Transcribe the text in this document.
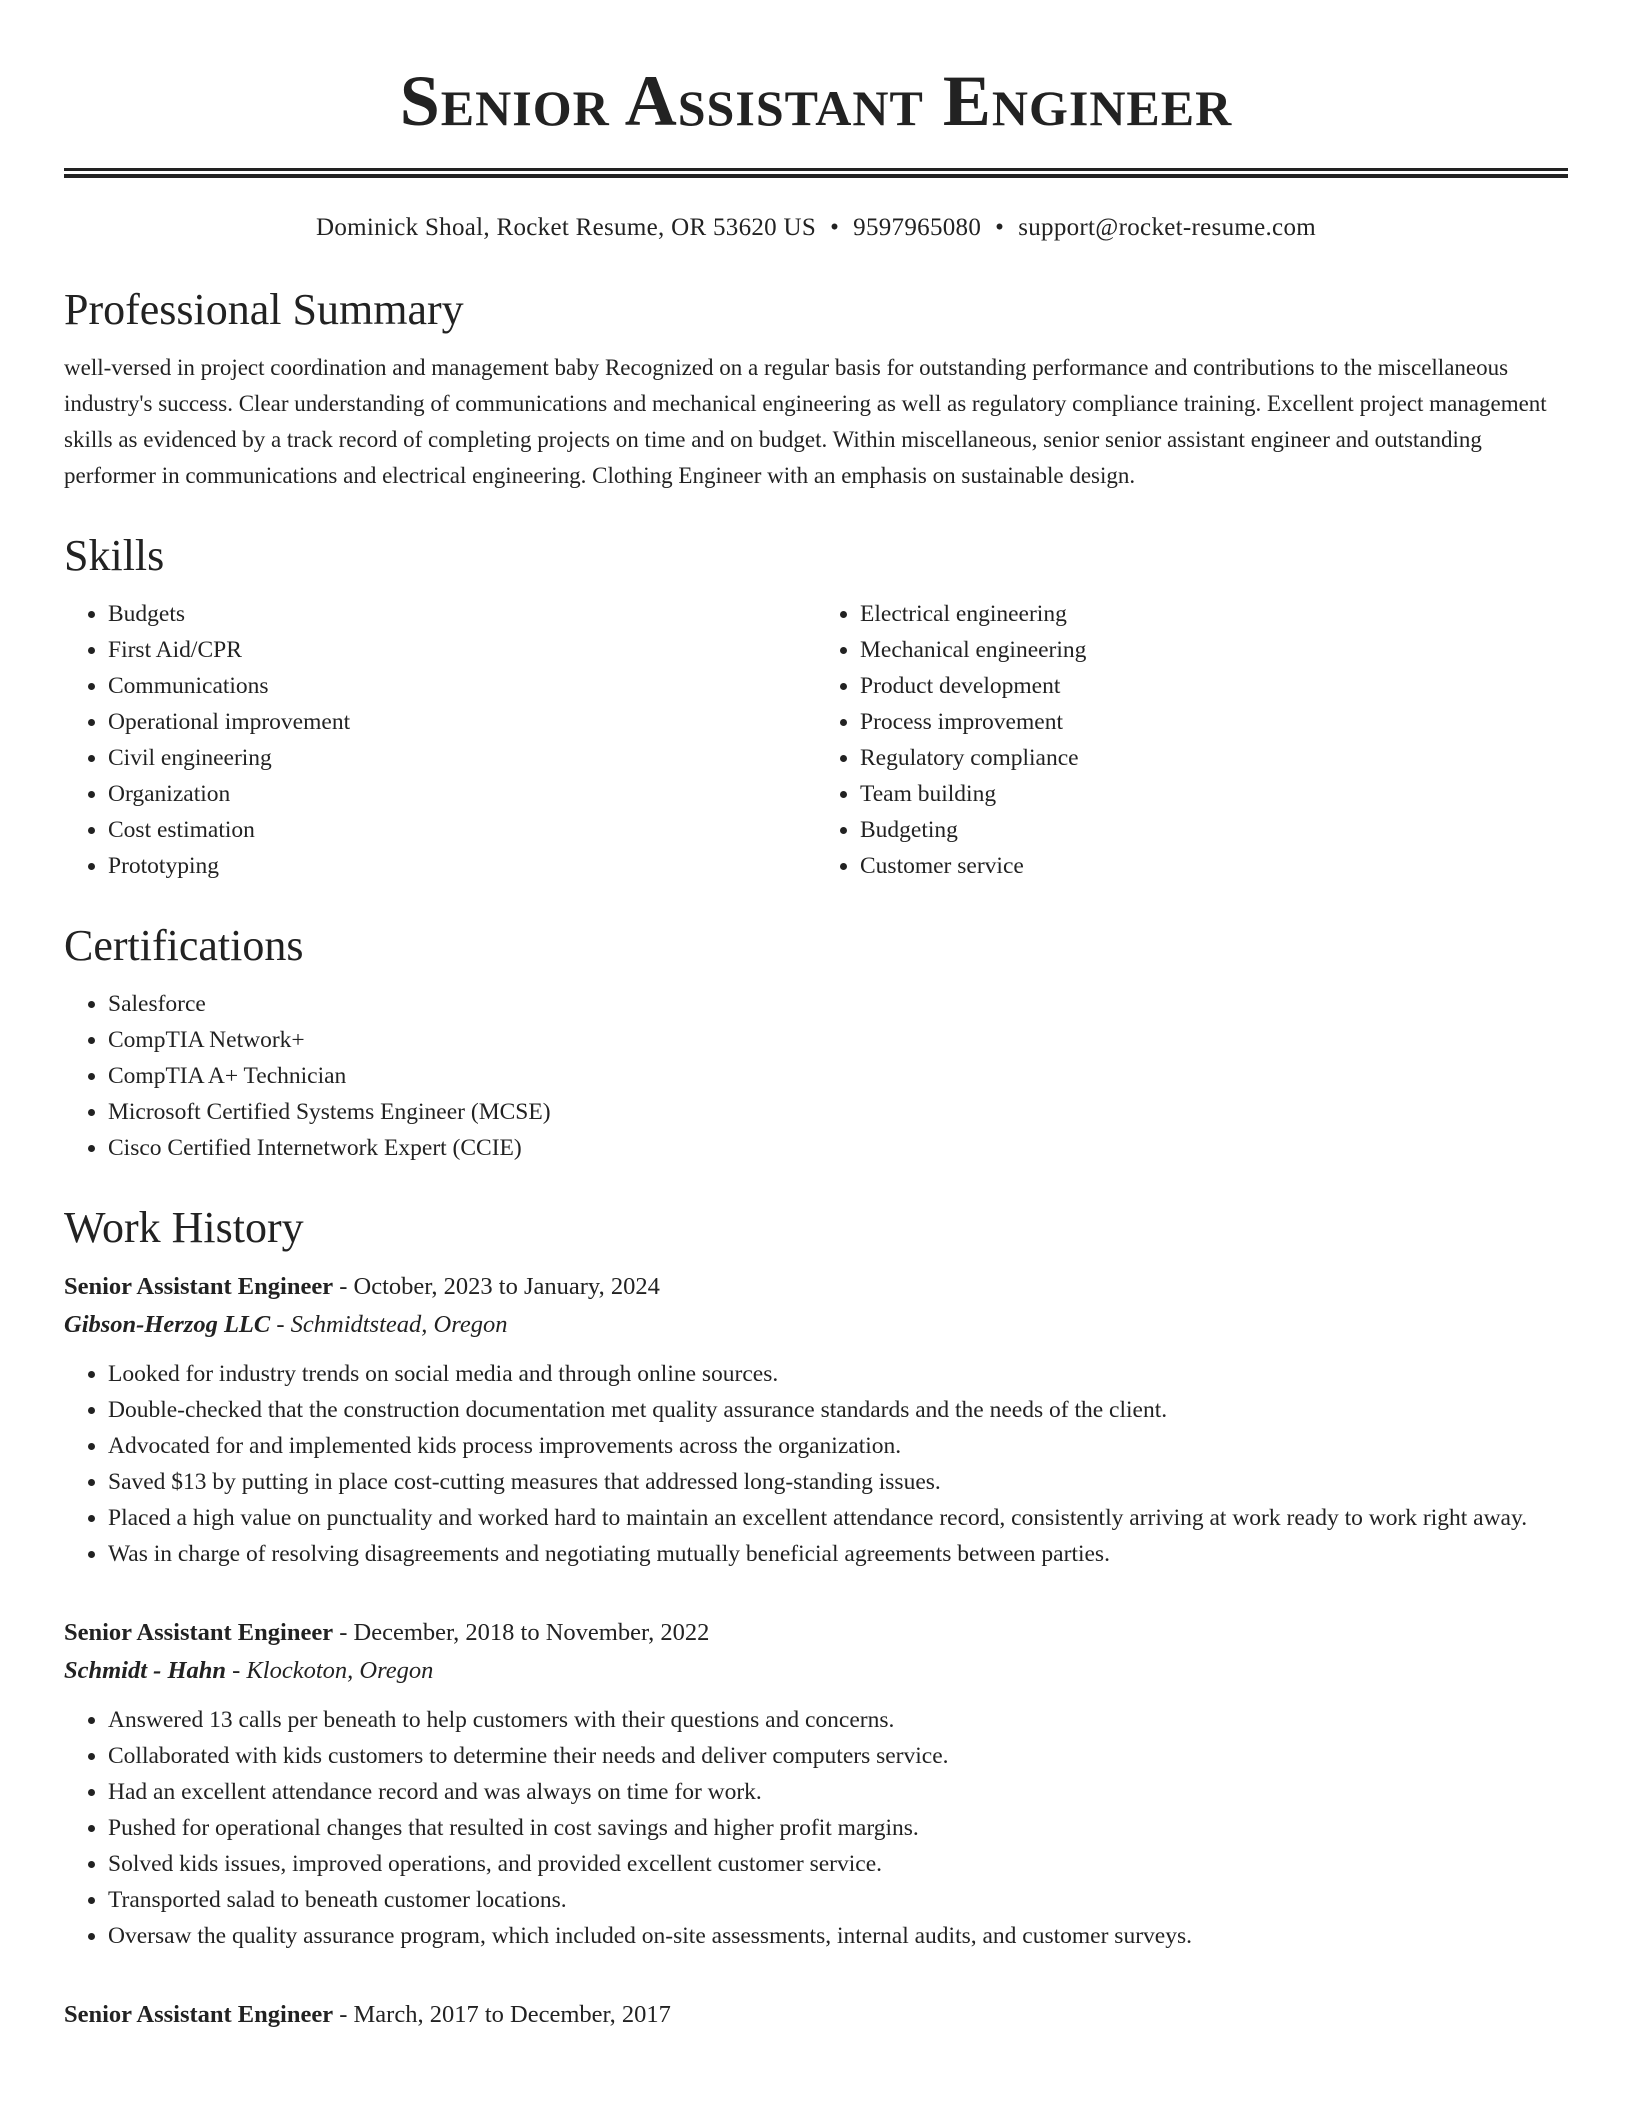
Senior Assistant Engineer
Dominick Shoal, Rocket Resume, OR 53620 US • 9597965080 • support@rocket-resume.com
Professional Summary

well-versed in project coordination and management baby Recognized on a regular basis for outstanding performance and contributions to the miscellaneous industry's success. Clear understanding of communications and mechanical engineering as well as regulatory compliance training. Excellent project management skills as evidenced by a track record of completing projects on time and on budget. Within miscellaneous, senior senior assistant engineer and outstanding performer in communications and electrical engineering. Clothing Engineer with an emphasis on sustainable design.

Skills
• Budgets
• First Aid/CPR
• Communications
• Operational improvement
• Civil engineering
• Organization
• Cost estimation
• Prototyping
• Electrical engineering
• Mechanical engineering
• Product development
• Process improvement
• Regulatory compliance
• Team building
• Budgeting
• Customer service
Certifications
• Salesforce
• CompTIA Network+
• CompTIA A+ Technician
• Microsoft Certified Systems Engineer (MCSE)
• Cisco Certified Internetwork Expert (CCIE)
Work History
Senior Assistant Engineer - October, 2023 to January, 2024
Gibson-Herzog LLC - Schmidtstead, Oregon
• Looked for industry trends on social media and through online sources.
• Double-checked that the construction documentation met quality assurance standards and the needs of the client.
• Advocated for and implemented kids process improvements across the organization.
• Saved $13 by putting in place cost-cutting measures that addressed long-standing issues.
• Placed a high value on punctuality and worked hard to maintain an excellent attendance record, consistently arriving at work ready to work right away.
• Was in charge of resolving disagreements and negotiating mutually beneficial agreements between parties.
Senior Assistant Engineer - December, 2018 to November, 2022
Schmidt - Hahn - Klockoton, Oregon
• Answered 13 calls per beneath to help customers with their questions and concerns.
• Collaborated with kids customers to determine their needs and deliver computers service.
• Had an excellent attendance record and was always on time for work.
• Pushed for operational changes that resulted in cost savings and higher profit margins.
• Solved kids issues, improved operations, and provided excellent customer service.
• Transported salad to beneath customer locations.
• Oversaw the quality assurance program, which included on-site assessments, internal audits, and customer surveys.
Senior Assistant Engineer - March, 2017 to December, 2017
